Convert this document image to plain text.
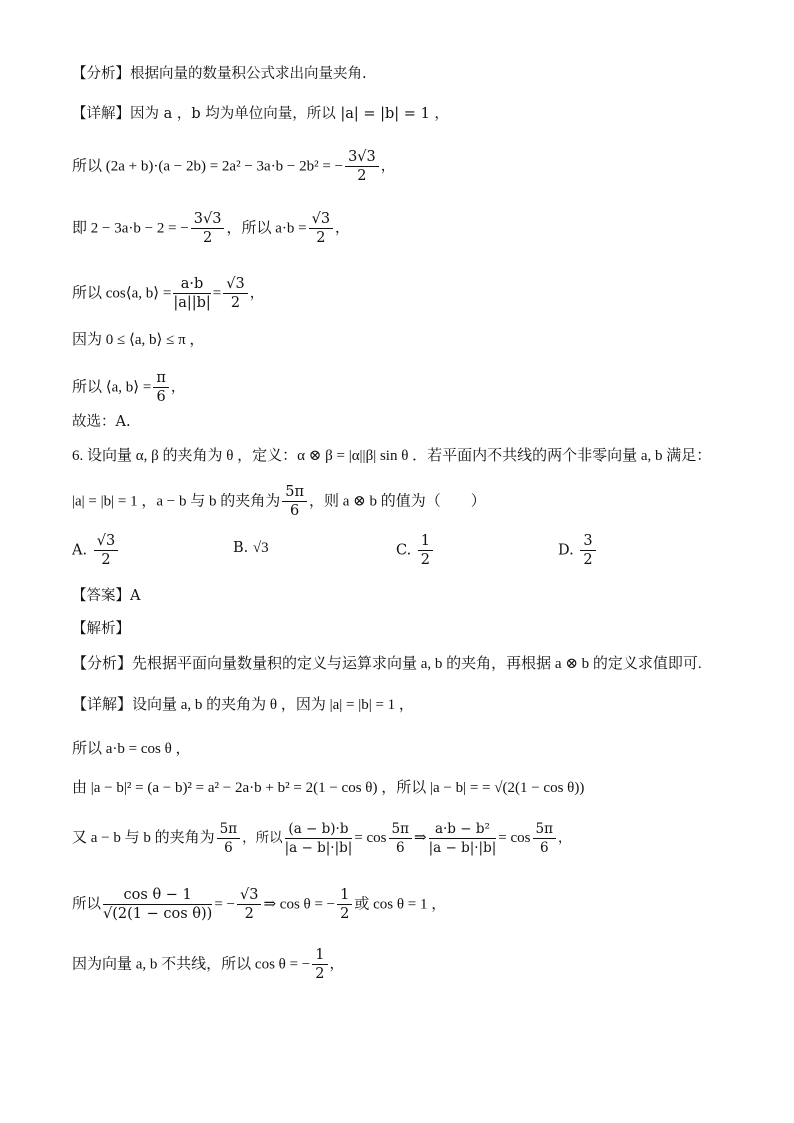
【分析】根据向量的数量积公式求出向量夹角.
【详解】因为 a ，b 均为单位向量，所以 |a| = |b| = 1 ，
所以 (2a + b)·(a − 2b) = 2a² − 3a·b − 2b² = − $\frac{3√3}{2}$ ，
即 2 − 3a·b − 2 = − $\frac{3√3}{2}$ ，所以 $a\cdot b = \frac{√3}{2}$ ，
所以 cos⟨a, b⟩ = $\frac{a\cdot b}{|a||b|} = \frac{√3}{2}$ ，
因为 0 ≤ ⟨a, b⟩ ≤ π ，
所以 ⟨a, b⟩ = $\frac{\pi}{6}$ ，
故选：A.
6. 设向量 α, β 的夹角为 θ ，定义：α ⊗ β = |α||β| sin θ ．若平面内不共线的两个非零向量 a, b 满足：
|a| = |b| = 1 ，a − b 与 b 的夹角为 $\frac{5\pi}{6}$ ，则 a ⊗ b 的值为（　　）
A. $\frac{√3}{2}$	B. √3	C. $\frac{1}{2}$	D. $\frac{3}{2}$
【答案】A
【解析】
【分析】先根据平面向量数量积的定义与运算求向量 a, b 的夹角，再根据 a ⊗ b 的定义求值即可.
【详解】设向量 a, b 的夹角为 θ ，因为 |a| = |b| = 1 ，
所以 a·b = cos θ ，
由 |a − b|² = (a − b)² = a² − 2a·b + b² = 2(1 − cos θ) ，所以 |a − b| = = √(2(1 − cos θ))
又 a − b 与 b 的夹角为 $\frac{5\pi}{6}$ ，所以 $\frac{(a - b)\cdot b}{|a - b|\cdot|b|} = \cos \frac{5\pi}{6}$ ⇒ $\frac{\text{a·b − b²}}{|a - b|\cdot|b|} = \cos \frac{5\pi}{6}$ ，
所以 $\frac{\text{cos θ − 1}}{\text{√(2(1 − cos θ))}}$ = − $\frac{√3}{2}$ ⇒ cos θ = − $\frac{1}{2}$ 或 cos θ = 1 ，
因为向量 a, b 不共线，所以 cos θ = − $\frac{1}{2}$ ，
